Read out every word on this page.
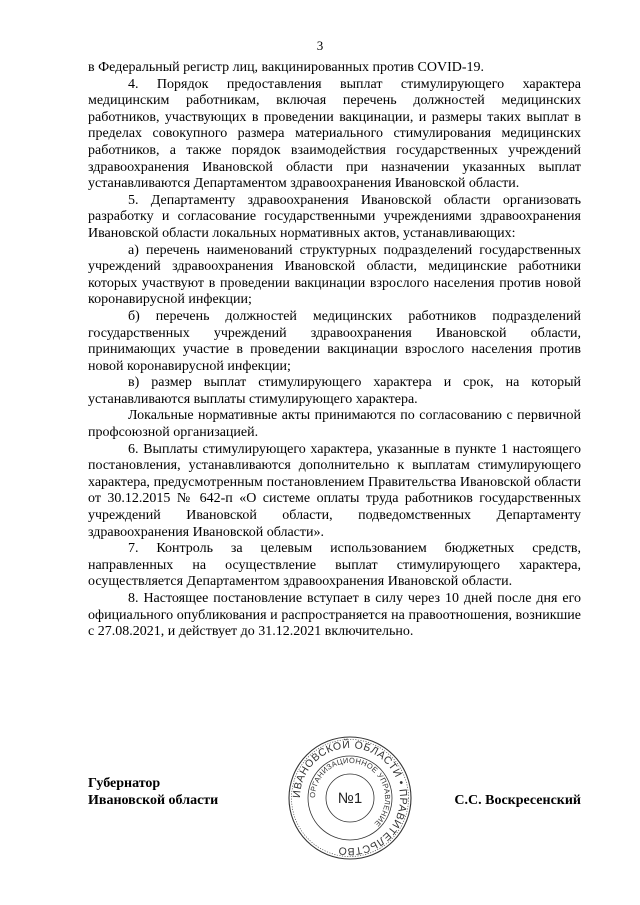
3

в Федеральный регистр лиц, вакцинированных против COVID-19.

4. Порядок предоставления выплат стимулирующего характера медицинским работникам, включая перечень должностей медицинских работников, участвующих в проведении вакцинации, и размеры таких выплат в пределах совокупного размера материального стимулирования медицинских работников, а также порядок взаимодействия государственных учреждений здравоохранения Ивановской области при назначении указанных выплат устанавливаются Департаментом здравоохранения Ивановской области.

5. Департаменту здравоохранения Ивановской области организовать разработку и согласование государственными учреждениями здравоохранения Ивановской области локальных нормативных актов, устанавливающих:

а) перечень наименований структурных подразделений государственных учреждений здравоохранения Ивановской области, медицинские работники которых участвуют в проведении вакцинации взрослого населения против новой коронавирусной инфекции;

б) перечень должностей медицинских работников подразделений государственных учреждений здравоохранения Ивановской области, принимающих участие в проведении вакцинации взрослого населения против новой коронавирусной инфекции;

в) размер выплат стимулирующего характера и срок, на который устанавливаются выплаты стимулирующего характера.

Локальные нормативные акты принимаются по согласованию с первичной профсоюзной организацией.

6. Выплаты стимулирующего характера, указанные в пункте 1 настоящего постановления, устанавливаются дополнительно к выплатам стимулирующего характера, предусмотренным постановлением Правительства Ивановской области от 30.12.2015 № 642-п «О системе оплаты труда работников государственных учреждений Ивановской области, подведомственных Департаменту здравоохранения Ивановской области».

7. Контроль за целевым использованием бюджетных средств, направленных на осуществление выплат стимулирующего характера, осуществляется Департаментом здравоохранения Ивановской области.

8. Настоящее постановление вступает в силу через 10 дней после дня его официального опубликования и распространяется на правоотношения, возникшие с 27.08.2021, и действует до 31.12.2021 включительно.

Губернатор
Ивановской области	С.С. Воскресенский
ИВАНОВСКОЙ ОБЛАСТИ • ПРАВИТЕЛЬСТВО
ОРГАНИЗАЦИОННОЕ УПРАВЛЕНИЕ
№1
